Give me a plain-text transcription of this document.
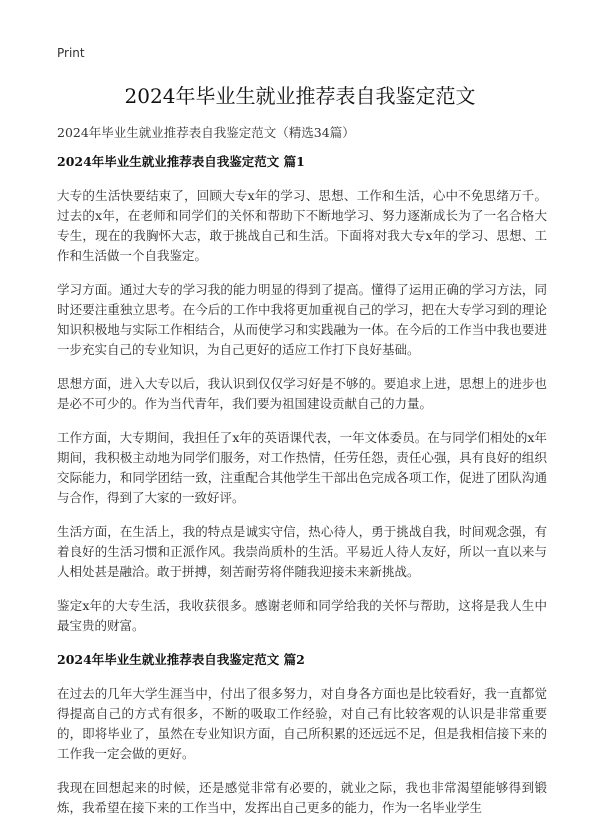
Print
2024年毕业生就业推荐表自我鉴定范文
2024年毕业生就业推荐表自我鉴定范文（精选34篇）
2024年毕业生就业推荐表自我鉴定范文 篇1

大专的生活快要结束了，回顾大专x年的学习、思想、工作和生活，心中不免思绪万千。过去的x年，在老师和同学们的关怀和帮助下不断地学习、努力逐渐成长为了一名合格大专生，现在的我胸怀大志，敢于挑战自己和生活。下面将对我大专x年的学习、思想、工作和生活做一个自我鉴定。

学习方面。通过大专的学习我的能力明显的得到了提高。懂得了运用正确的学习方法，同时还要注重独立思考。在今后的工作中我将更加重视自己的学习，把在大专学习到的理论知识积极地与实际工作相结合，从而使学习和实践融为一体。在今后的工作当中我也要进一步充实自己的专业知识，为自己更好的适应工作打下良好基础。

思想方面，进入大专以后，我认识到仅仅学习好是不够的。要追求上进，思想上的进步也是必不可少的。作为当代青年，我们要为祖国建设贡献自己的力量。

工作方面，大专期间，我担任了x年的英语课代表，一年文体委员。在与同学们相处的x年期间，我积极主动地为同学们服务，对工作热情，任劳任怨，责任心强，具有良好的组织交际能力，和同学团结一致，注重配合其他学生干部出色完成各项工作，促进了团队沟通与合作，得到了大家的一致好评。

生活方面，在生活上，我的特点是诚实守信，热心待人，勇于挑战自我，时间观念强，有着良好的生活习惯和正派作风。我崇尚质朴的生活。平易近人待人友好，所以一直以来与人相处甚是融洽。敢于拼搏，刻苦耐劳将伴随我迎接未来新挑战。

鉴定x年的大专生活，我收获很多。感谢老师和同学给我的关怀与帮助，这将是我人生中最宝贵的财富。

2024年毕业生就业推荐表自我鉴定范文 篇2

在过去的几年大学生涯当中，付出了很多努力，对自身各方面也是比较看好，我一直都觉得提高自己的方式有很多，不断的吸取工作经验，对自己有比较客观的认识是非常重要的，即将毕业了，虽然在专业知识方面，自己所积累的还远远不足，但是我相信接下来的工作我一定会做的更好。

我现在回想起来的时候，还是感觉非常有必要的，就业之际，我也非常渴望能够得到锻炼，我希望在接下来的工作当中，发挥出自己更多的能力，作为一名毕业学生
